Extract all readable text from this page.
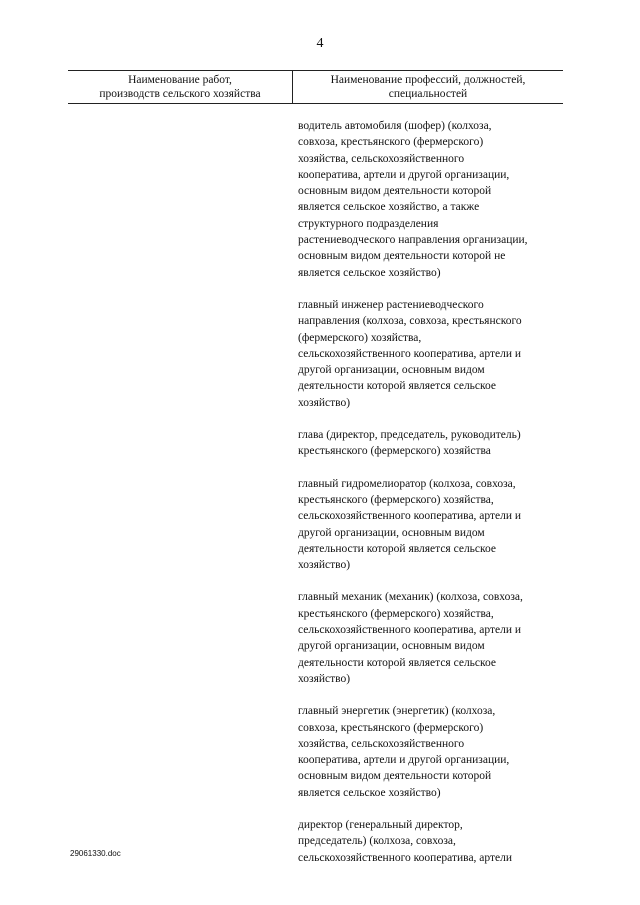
4
Наименование работ,
производств сельского хозяйства
Наименование профессий, должностей,
специальностей
водитель автомобиля (шофер) (колхоза,
совхоза, крестьянского (фермерского)
хозяйства, сельскохозяйственного
кооператива, артели и другой организации,
основным видом деятельности которой
является сельское хозяйство, а также
структурного подразделения
растениеводческого направления организации,
основным видом деятельности которой не
является сельское хозяйство)
главный инженер растениеводческого
направления (колхоза, совхоза, крестьянского
(фермерского) хозяйства,
сельскохозяйственного кооператива, артели и
другой организации, основным видом
деятельности которой является сельское
хозяйство)
глава (директор, председатель, руководитель)
крестьянского (фермерского) хозяйства
главный гидромелиоратор (колхоза, совхоза,
крестьянского (фермерского) хозяйства,
сельскохозяйственного кооператива, артели и
другой организации, основным видом
деятельности которой является сельское
хозяйство)
главный механик (механик) (колхоза, совхоза,
крестьянского (фермерского) хозяйства,
сельскохозяйственного кооператива, артели и
другой организации, основным видом
деятельности которой является сельское
хозяйство)
главный энергетик (энергетик) (колхоза,
совхоза, крестьянского (фермерского)
хозяйства, сельскохозяйственного
кооператива, артели и другой организации,
основным видом деятельности которой
является сельское хозяйство)
директор (генеральный директор,
председатель) (колхоза, совхоза,
сельскохозяйственного кооператива, артели
29061330.doc
